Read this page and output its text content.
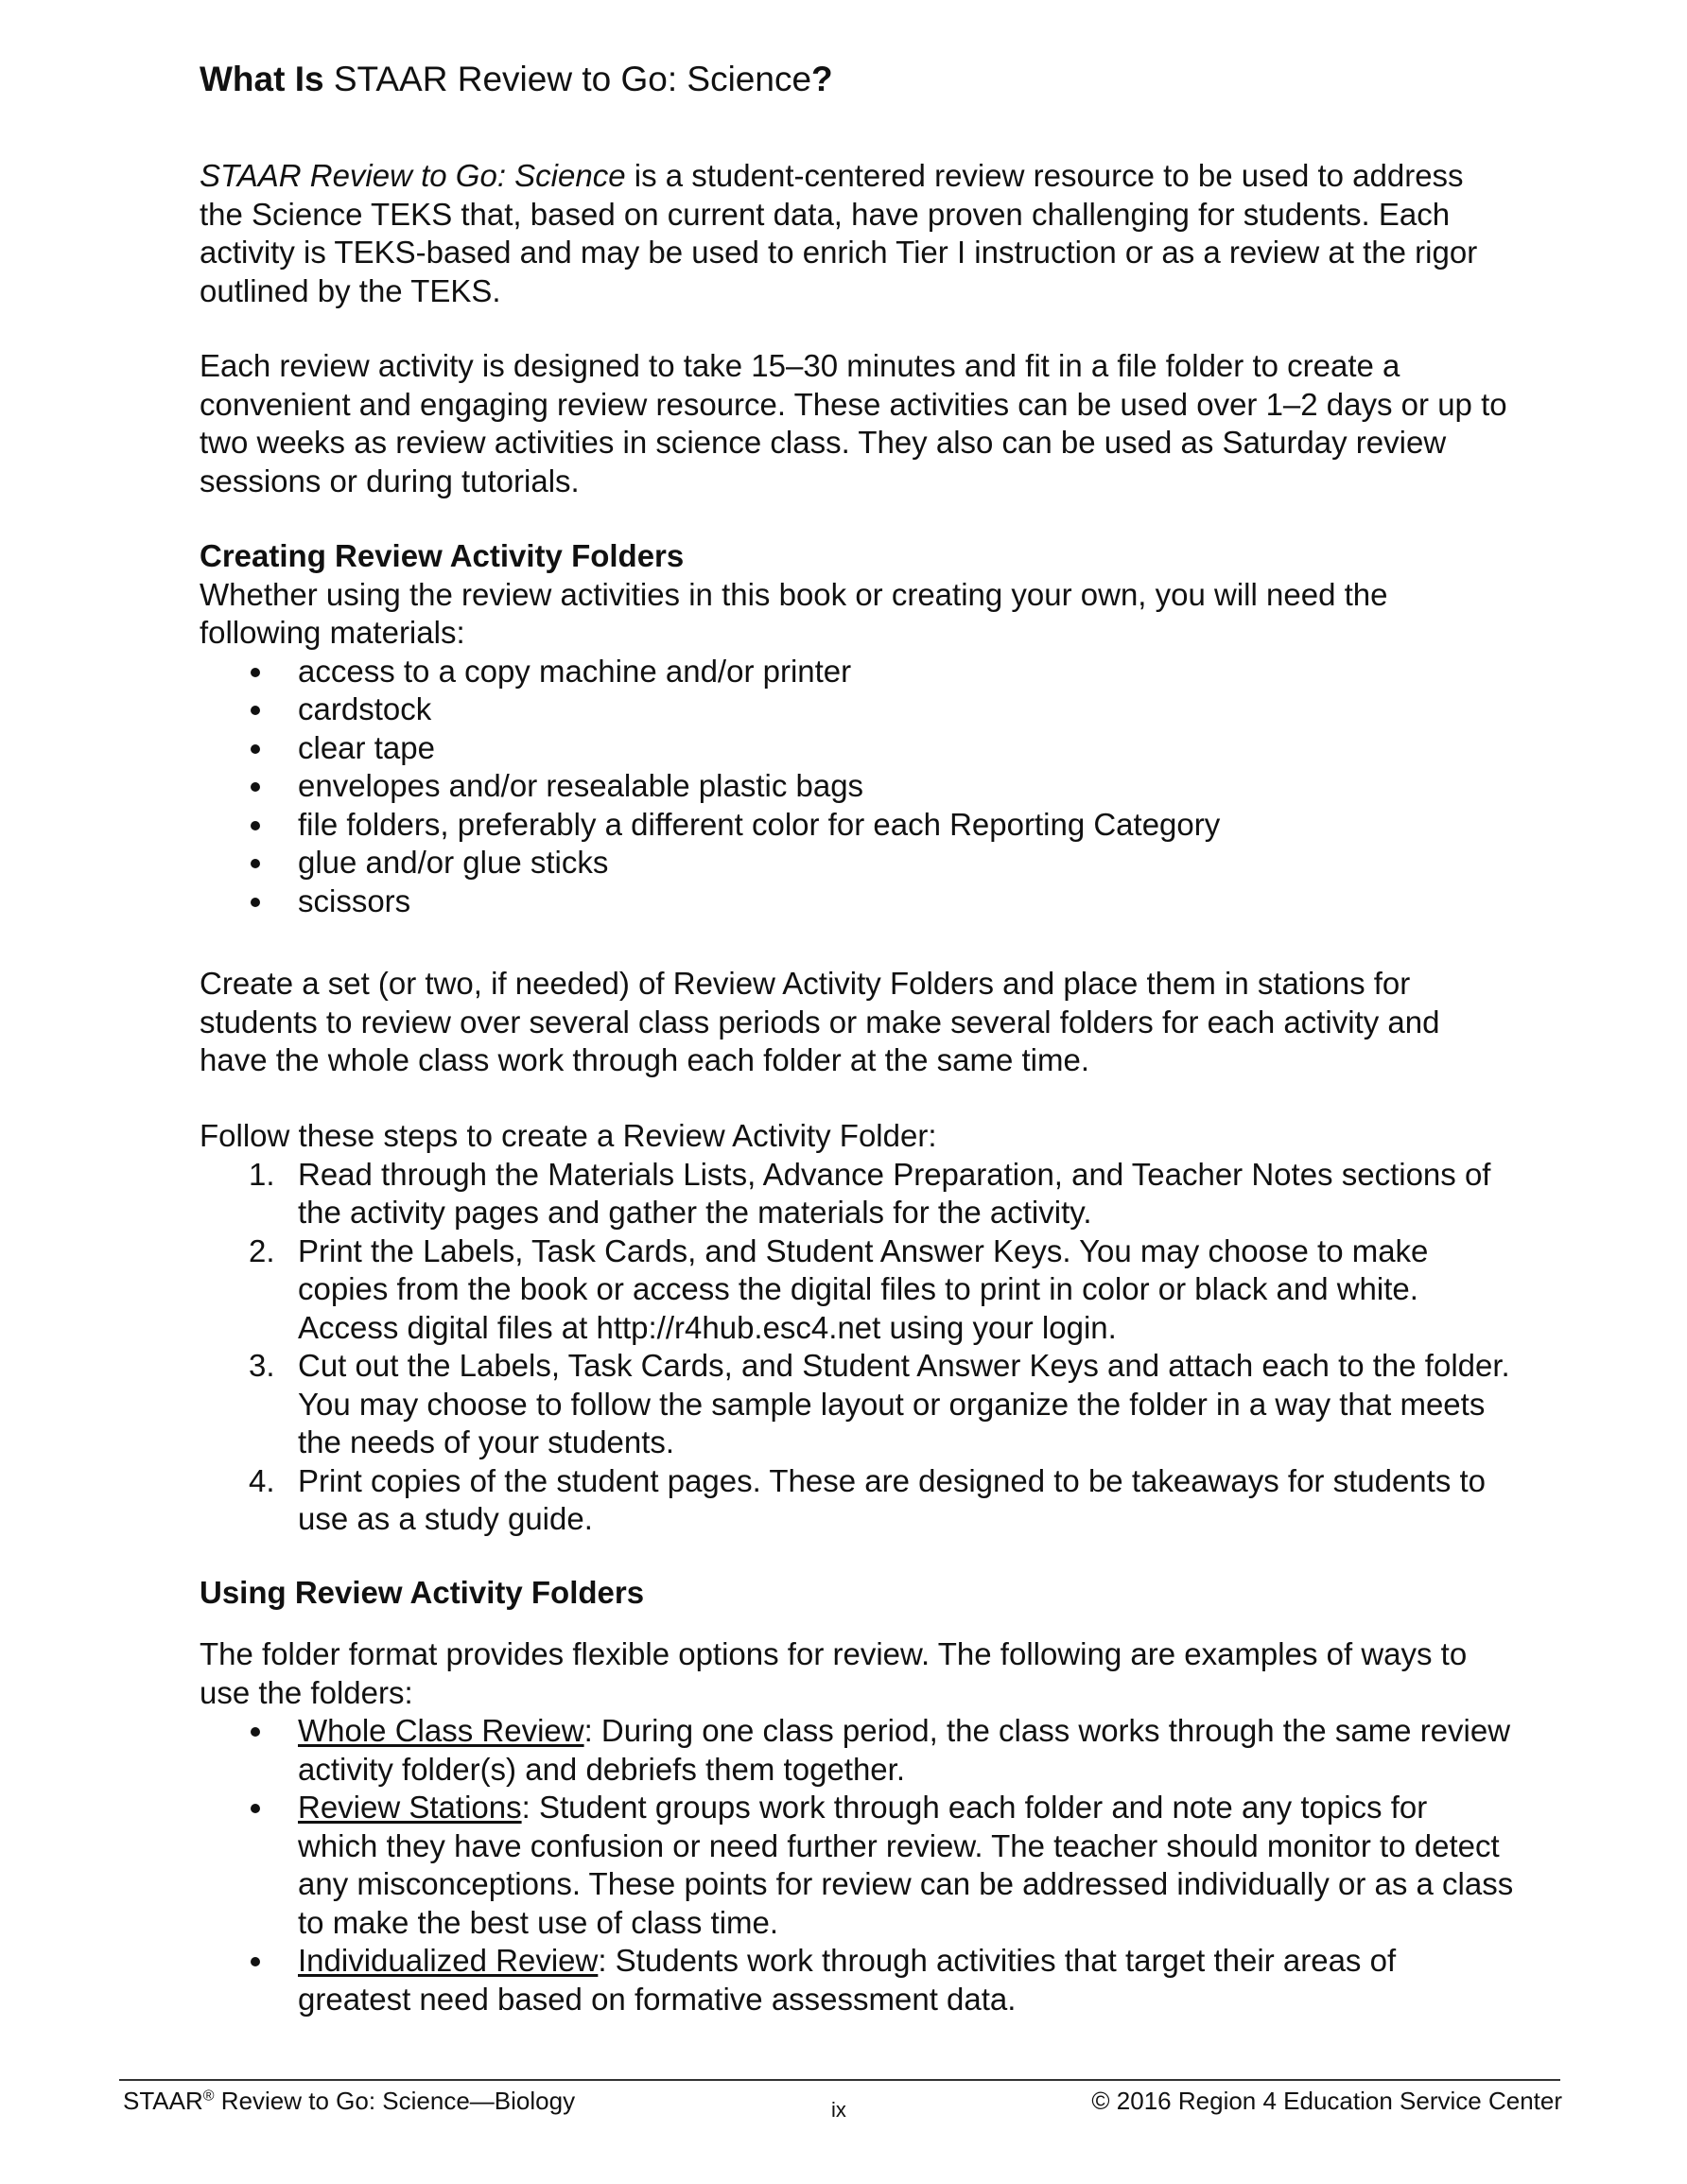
What Is STAAR Review to Go: Science?

STAAR Review to Go: Science is a student-centered review resource to be used to address the Science TEKS that, based on current data, have proven challenging for students. Each activity is TEKS-based and may be used to enrich Tier I instruction or as a review at the rigor outlined by the TEKS.

Each review activity is designed to take 15–30 minutes and fit in a file folder to create a convenient and engaging review resource. These activities can be used over 1–2 days or up to two weeks as review activities in science class. They also can be used as Saturday review sessions or during tutorials.

Creating Review Activity Folders

Whether using the review activities in this book or creating your own, you will need the following materials:

access to a copy machine and/or printer
cardstock
clear tape
envelopes and/or resealable plastic bags
file folders, preferably a different color for each Reporting Category
glue and/or glue sticks
scissors

Create a set (or two, if needed) of Review Activity Folders and place them in stations for students to review over several class periods or make several folders for each activity and have the whole class work through each folder at the same time.

Follow these steps to create a Review Activity Folder:

1. Read through the Materials Lists, Advance Preparation, and Teacher Notes sections of the activity pages and gather the materials for the activity.
2. Print the Labels, Task Cards, and Student Answer Keys. You may choose to make copies from the book or access the digital files to print in color or black and white. Access digital files at http://r4hub.esc4.net using your login.
3. Cut out the Labels, Task Cards, and Student Answer Keys and attach each to the folder. You may choose to follow the sample layout or organize the folder in a way that meets the needs of your students.
4. Print copies of the student pages. These are designed to be takeaways for students to use as a study guide.
Using Review Activity Folders

The folder format provides flexible options for review. The following are examples of ways to use the folders:

Whole Class Review: During one class period, the class works through the same review activity folder(s) and debriefs them together.
Review Stations: Student groups work through each folder and note any topics for which they have confusion or need further review. The teacher should monitor to detect any misconceptions. These points for review can be addressed individually or as a class to make the best use of class time.
Individualized Review: Students work through activities that target their areas of greatest need based on formative assessment data.
STAAR® Review to Go: Science—Biology	ix	© 2016 Region 4 Education Service Center
